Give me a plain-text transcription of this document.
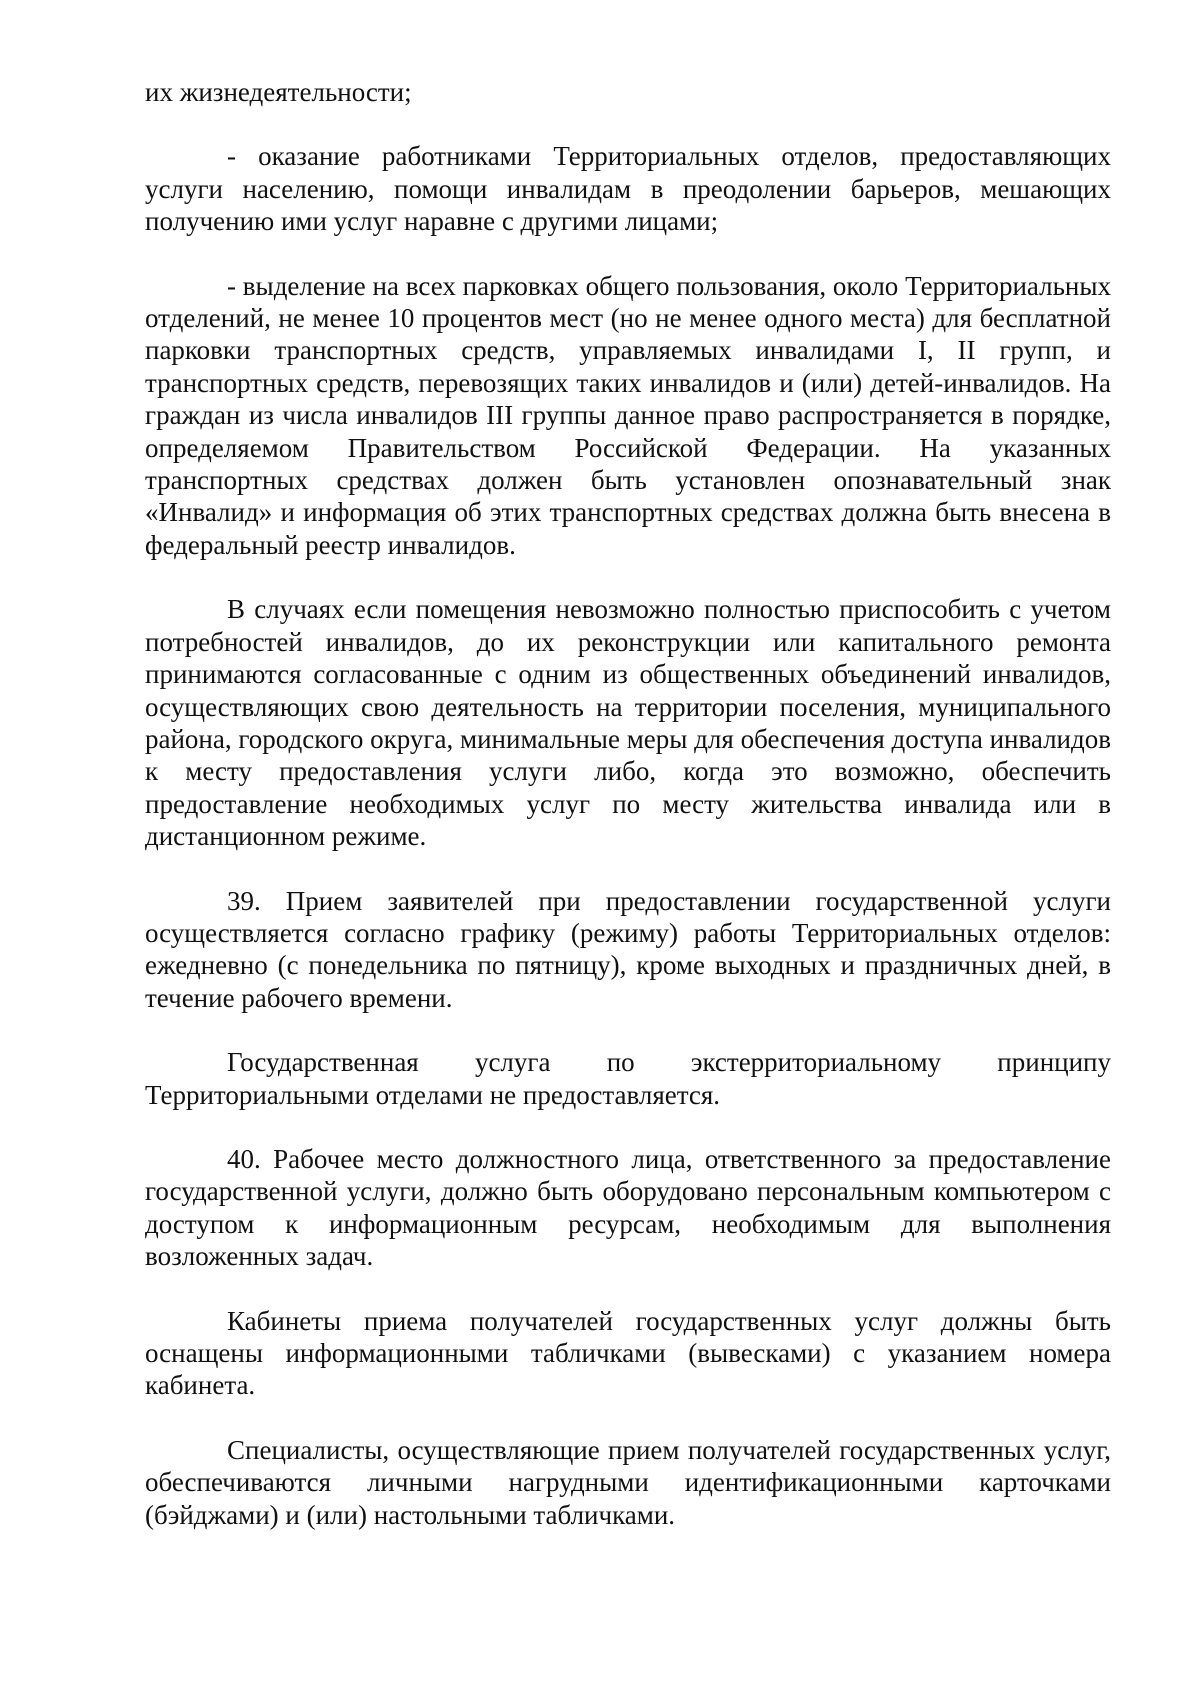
их жизнедеятельности;

- оказание работниками Территориальных отделов, предоставляющих услуги населению, помощи инвалидам в преодолении барьеров, мешающих получению ими услуг наравне с другими лицами;

- выделение на всех парковках общего пользования, около Территориальных отделений, не менее 10 процентов мест (но не менее одного места) для бесплатной парковки транспортных средств, управляемых инвалидами I, II групп, и транспортных средств, перевозящих таких инвалидов и (или) детей-инвалидов. На граждан из числа инвалидов III группы данное право распространяется в порядке, определяемом Правительством Российской Федерации. На указанных транспортных средствах должен быть установлен опознавательный знак «Инвалид» и информация об этих транспортных средствах должна быть внесена в федеральный реестр инвалидов.

В случаях если помещения невозможно полностью приспособить с учетом потребностей инвалидов, до их реконструкции или капитального ремонта принимаются согласованные с одним из общественных объединений инвалидов, осуществляющих свою деятельность на территории поселения, муниципального района, городского округа, минимальные меры для обеспечения доступа инвалидов к месту предоставления услуги либо, когда это возможно, обеспечить предоставление необходимых услуг по месту жительства инвалида или в дистанционном режиме.

39. Прием заявителей при предоставлении государственной услуги осуществляется согласно графику (режиму) работы Территориальных отделов: ежедневно (с понедельника по пятницу), кроме выходных и праздничных дней, в течение рабочего времени.

Государственная услуга по экстерриториальному принципу Территориальными отделами не предоставляется.

40. Рабочее место должностного лица, ответственного за предоставление государственной услуги, должно быть оборудовано персональным компьютером с доступом к информационным ресурсам, необходимым для выполнения возложенных задач.

Кабинеты приема получателей государственных услуг должны быть оснащены информационными табличками (вывесками) с указанием номера кабинета.

Специалисты, осуществляющие прием получателей государственных услуг, обеспечиваются личными нагрудными идентификационными карточками (бэйджами) и (или) настольными табличками.
